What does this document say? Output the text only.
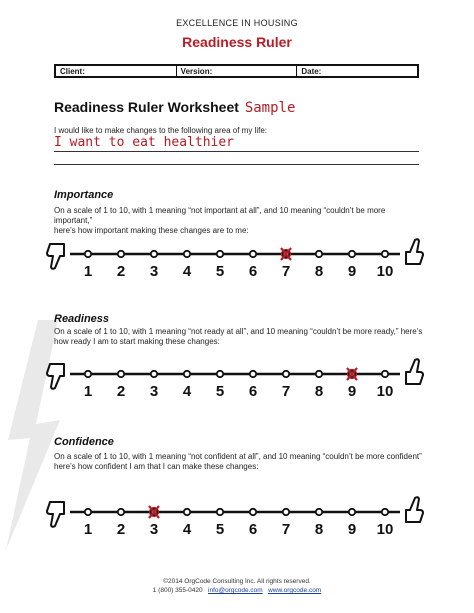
EXCELLENCE IN HOUSING
Readiness Ruler
Client:	Version:	Date:
Readiness Ruler Worksheet Sample
I would like to make changes to the following area of my life:
I want to eat healthier
Importance
On a scale of 1 to 10, with 1 meaning “not important at all”, and 10 meaning “couldn’t be more important,”
here’s how important making these changes are to me:
1 2 3 4 5 6 7 8 9 10
Readiness
On a scale of 1 to 10, with 1 meaning “not ready at all”, and 10 meaning “couldn’t be more ready,” here’s
how ready I am to start making these changes:
1 2 3 4 5 6 7 8 9 10
Confidence
On a scale of 1 to 10, with 1 meaning “not confident at all”, and 10 meaning “couldn’t be more confident”
here’s how confident I am that I can make these changes:
1 2 3 4 5 6 7 8 9 10
©2014 OrgCode Consulting Inc. All rights reserved.
1 (800) 355-0420 info@orgcode.com www.orgcode.com
